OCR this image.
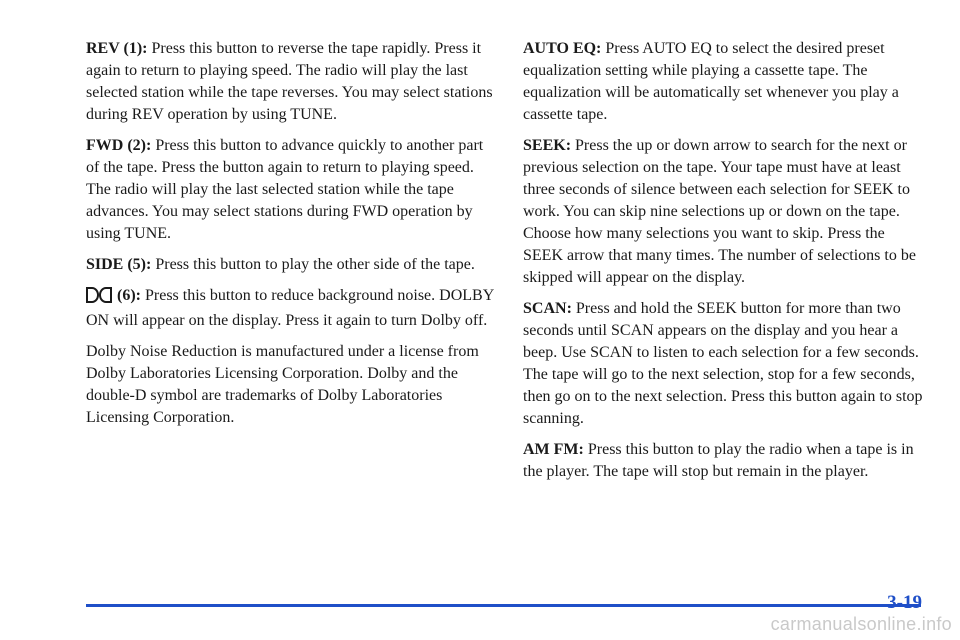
REV (1): Press this button to reverse the tape rapidly. Press it again to return to playing speed. The radio will play the last selected station while the tape reverses. You may select stations during REV operation by using TUNE.

FWD (2): Press this button to advance quickly to another part of the tape. Press the button again to return to playing speed. The radio will play the last selected station while the tape advances. You may select stations during FWD operation by using TUNE.

SIDE (5): Press this button to play the other side of the tape.

(6): Press this button to reduce background noise. DOLBY ON will appear on the display. Press it again to turn Dolby off.

Dolby Noise Reduction is manufactured under a license from Dolby Laboratories Licensing Corporation. Dolby and the double-D symbol are trademarks of Dolby Laboratories Licensing Corporation.

AUTO EQ: Press AUTO EQ to select the desired preset equalization setting while playing a cassette tape. The equalization will be automatically set whenever you play a cassette tape.

SEEK: Press the up or down arrow to search for the next or previous selection on the tape. Your tape must have at least three seconds of silence between each selection for SEEK to work. You can skip nine selections up or down on the tape. Choose how many selections you want to skip. Press the SEEK arrow that many times. The number of selections to be skipped will appear on the display.

SCAN: Press and hold the SEEK button for more than two seconds until SCAN appears on the display and you hear a beep. Use SCAN to listen to each selection for a few seconds. The tape will go to the next selection, stop for a few seconds, then go on to the next selection. Press this button again to stop scanning.

AM FM: Press this button to play the radio when a tape is in the player. The tape will stop but remain in the player.

3-19
carmanualsonline.info
